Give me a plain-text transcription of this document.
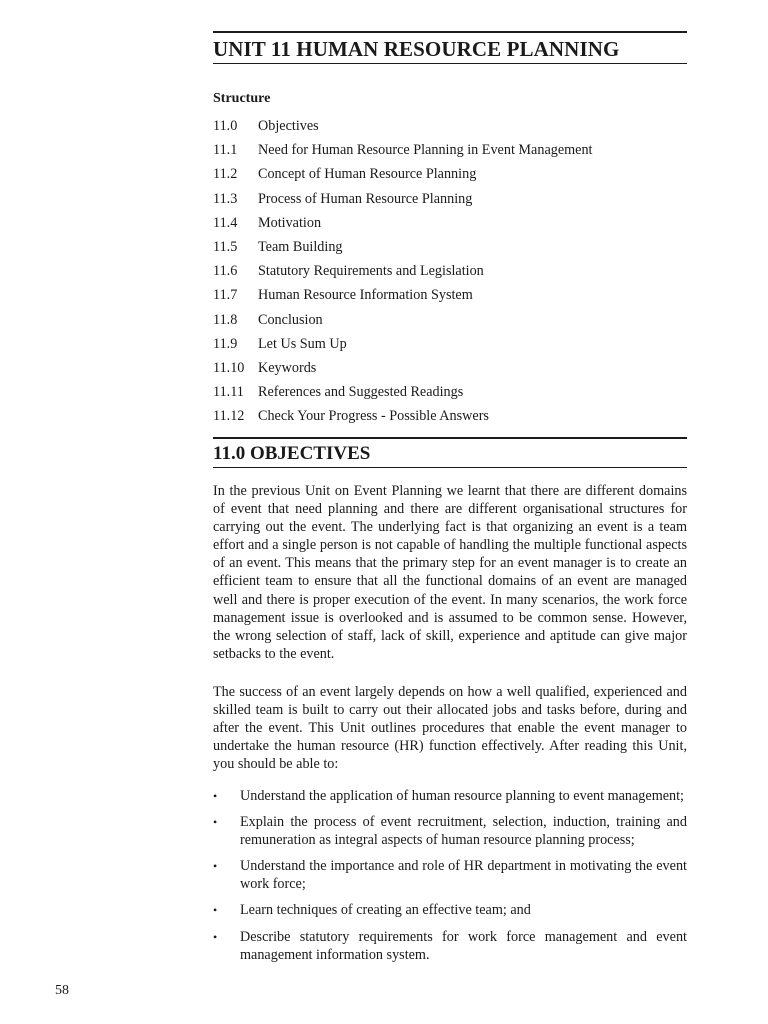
UNIT 11 HUMAN RESOURCE PLANNING
Structure
11.0 Objectives
11.1 Need for Human Resource Planning in Event Management
11.2 Concept of Human Resource Planning
11.3 Process of Human Resource Planning
11.4 Motivation
11.5 Team Building
11.6 Statutory Requirements and Legislation
11.7 Human Resource Information System
11.8 Conclusion
11.9 Let Us Sum Up
11.10 Keywords
11.11 References and Suggested Readings
11.12 Check Your Progress - Possible Answers
11.0 OBJECTIVES
In the previous Unit on Event Planning we learnt that there are different domains of event that need planning and there are different organisational structures for carrying out the event. The underlying fact is that organizing an event is a team effort and a single person is not capable of handling the multiple functional aspects of an event. This means that the primary step for an event manager is to create an efficient team to ensure that all the functional domains of an event are managed well and there is proper execution of the event. In many scenarios, the work force management issue is overlooked and is assumed to be common sense. However, the wrong selection of staff, lack of skill, experience and aptitude can give major setbacks to the event.
The success of an event largely depends on how a well qualified, experienced and skilled team is built to carry out their allocated jobs and tasks before, during and after the event. This Unit outlines procedures that enable the event manager to undertake the human resource (HR) function effectively. After reading this Unit, you should be able to:
• Understand the application of human resource planning to event management;
• Explain the process of event recruitment, selection, induction, training and remuneration as integral aspects of human resource planning process;
• Understand the importance and role of HR department in motivating the event work force;
• Learn techniques of creating an effective team; and
• Describe statutory requirements for work force management and event management information system.
58
